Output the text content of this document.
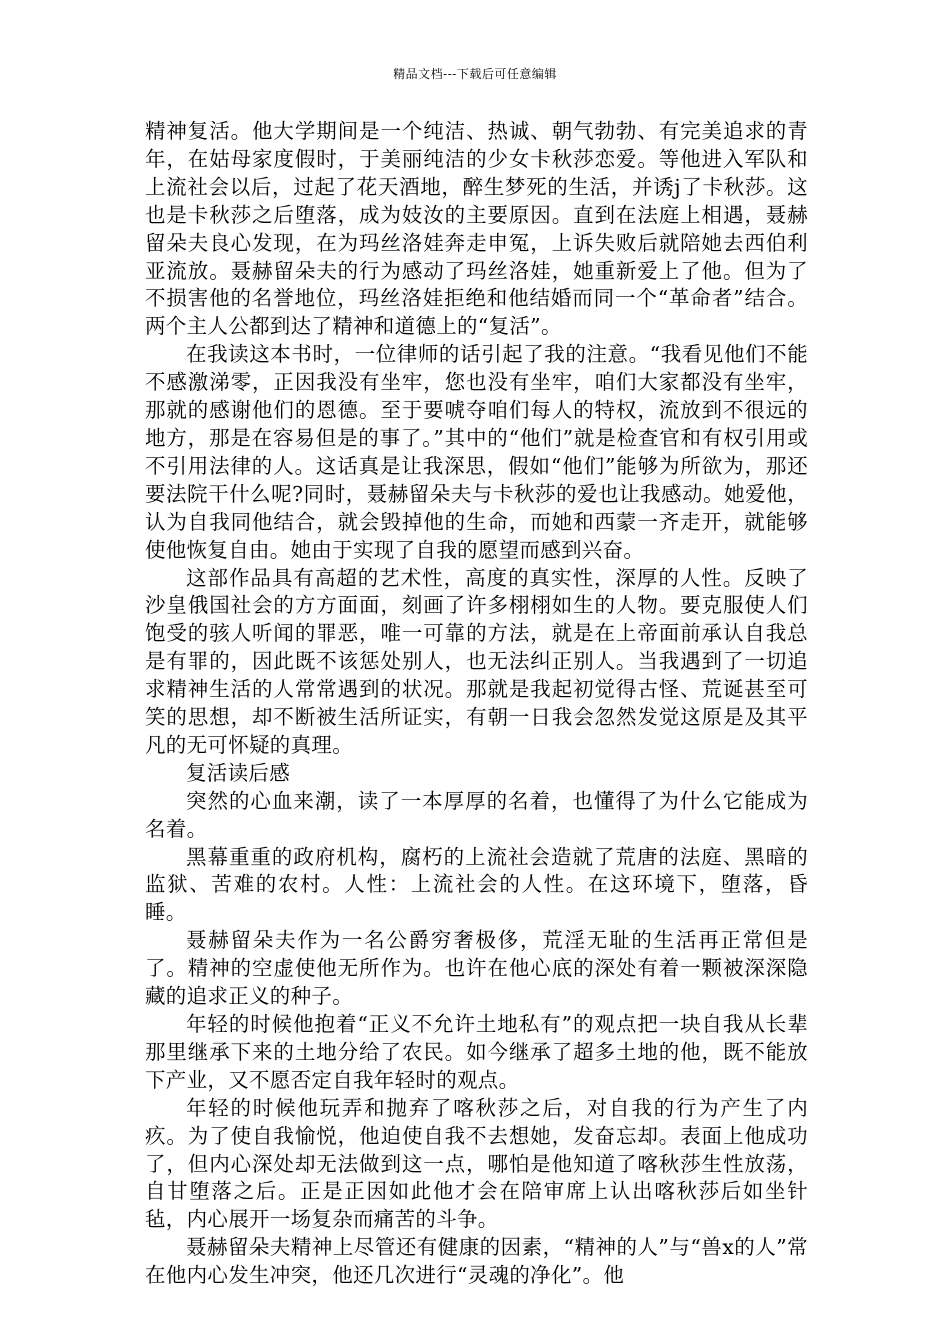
精品文档---下载后可任意编辑

精神复活。他大学期间是一个纯洁、热诚、朝气勃勃、有完美追求的青年，在姑母家度假时，于美丽纯洁的少女卡秋莎恋爱。等他进入军队和上流社会以后，过起了花天酒地，醉生梦死的生活，并诱j了卡秋莎。这也是卡秋莎之后堕落，成为妓汝的主要原因。直到在法庭上相遇，聂赫留朵夫良心发现，在为玛丝洛娃奔走申冤，上诉失败后就陪她去西伯利亚流放。聂赫留朵夫的行为感动了玛丝洛娃，她重新爱上了他。但为了不损害他的名誉地位，玛丝洛娃拒绝和他结婚而同一个“革命者”结合。两个主人公都到达了精神和道德上的“复活”。

在我读这本书时，一位律师的话引起了我的注意。“我看见他们不能不感激涕零，正因我没有坐牢，您也没有坐牢，咱们大家都没有坐牢，那就的感谢他们的恩德。至于要唬夺咱们每人的特权，流放到不很远的地方，那是在容易但是的事了。”其中的“他们”就是检查官和有权引用或不引用法律的人。这话真是让我深思，假如“他们”能够为所欲为，那还要法院干什么呢?同时，聂赫留朵夫与卡秋莎的爱也让我感动。她爱他，认为自我同他结合，就会毁掉他的生命，而她和西蒙一齐走开，就能够使他恢复自由。她由于实现了自我的愿望而感到兴奋。

这部作品具有高超的艺术性，高度的真实性，深厚的人性。反映了沙皇俄国社会的方方面面，刻画了许多栩栩如生的人物。要克服使人们饱受的骇人听闻的罪恶，唯一可靠的方法，就是在上帝面前承认自我总是有罪的，因此既不该惩处别人，也无法纠正别人。当我遇到了一切追求精神生活的人常常遇到的状况。那就是我起初觉得古怪、荒诞甚至可笑的思想，却不断被生活所证实，有朝一日我会忽然发觉这原是及其平凡的无可怀疑的真理。

复活读后感

突然的心血来潮，读了一本厚厚的名着，也懂得了为什么它能成为名着。

黑幕重重的政府机构，腐朽的上流社会造就了荒唐的法庭、黑暗的监狱、苦难的农村。人性：上流社会的人性。在这环境下，堕落，昏睡。

聂赫留朵夫作为一名公爵穷奢极侈，荒淫无耻的生活再正常但是了。精神的空虚使他无所作为。也许在他心底的深处有着一颗被深深隐藏的追求正义的种子。

年轻的时候他抱着“正义不允许土地私有”的观点把一块自我从长辈那里继承下来的土地分给了农民。如今继承了超多土地的他，既不能放下产业，又不愿否定自我年轻时的观点。

年轻的时候他玩弄和抛弃了喀秋莎之后，对自我的行为产生了内疚。为了使自我愉悦，他迫使自我不去想她，发奋忘却。表面上他成功了，但内心深处却无法做到这一点，哪怕是他知道了喀秋莎生性放荡，自甘堕落之后。正是正因如此他才会在陪审席上认出喀秋莎后如坐针毡，内心展开一场复杂而痛苦的斗争。

聂赫留朵夫精神上尽管还有健康的因素，“精神的人”与“兽x的人”常在他内心发生冲突，他还几次进行“灵魂的净化”。他
